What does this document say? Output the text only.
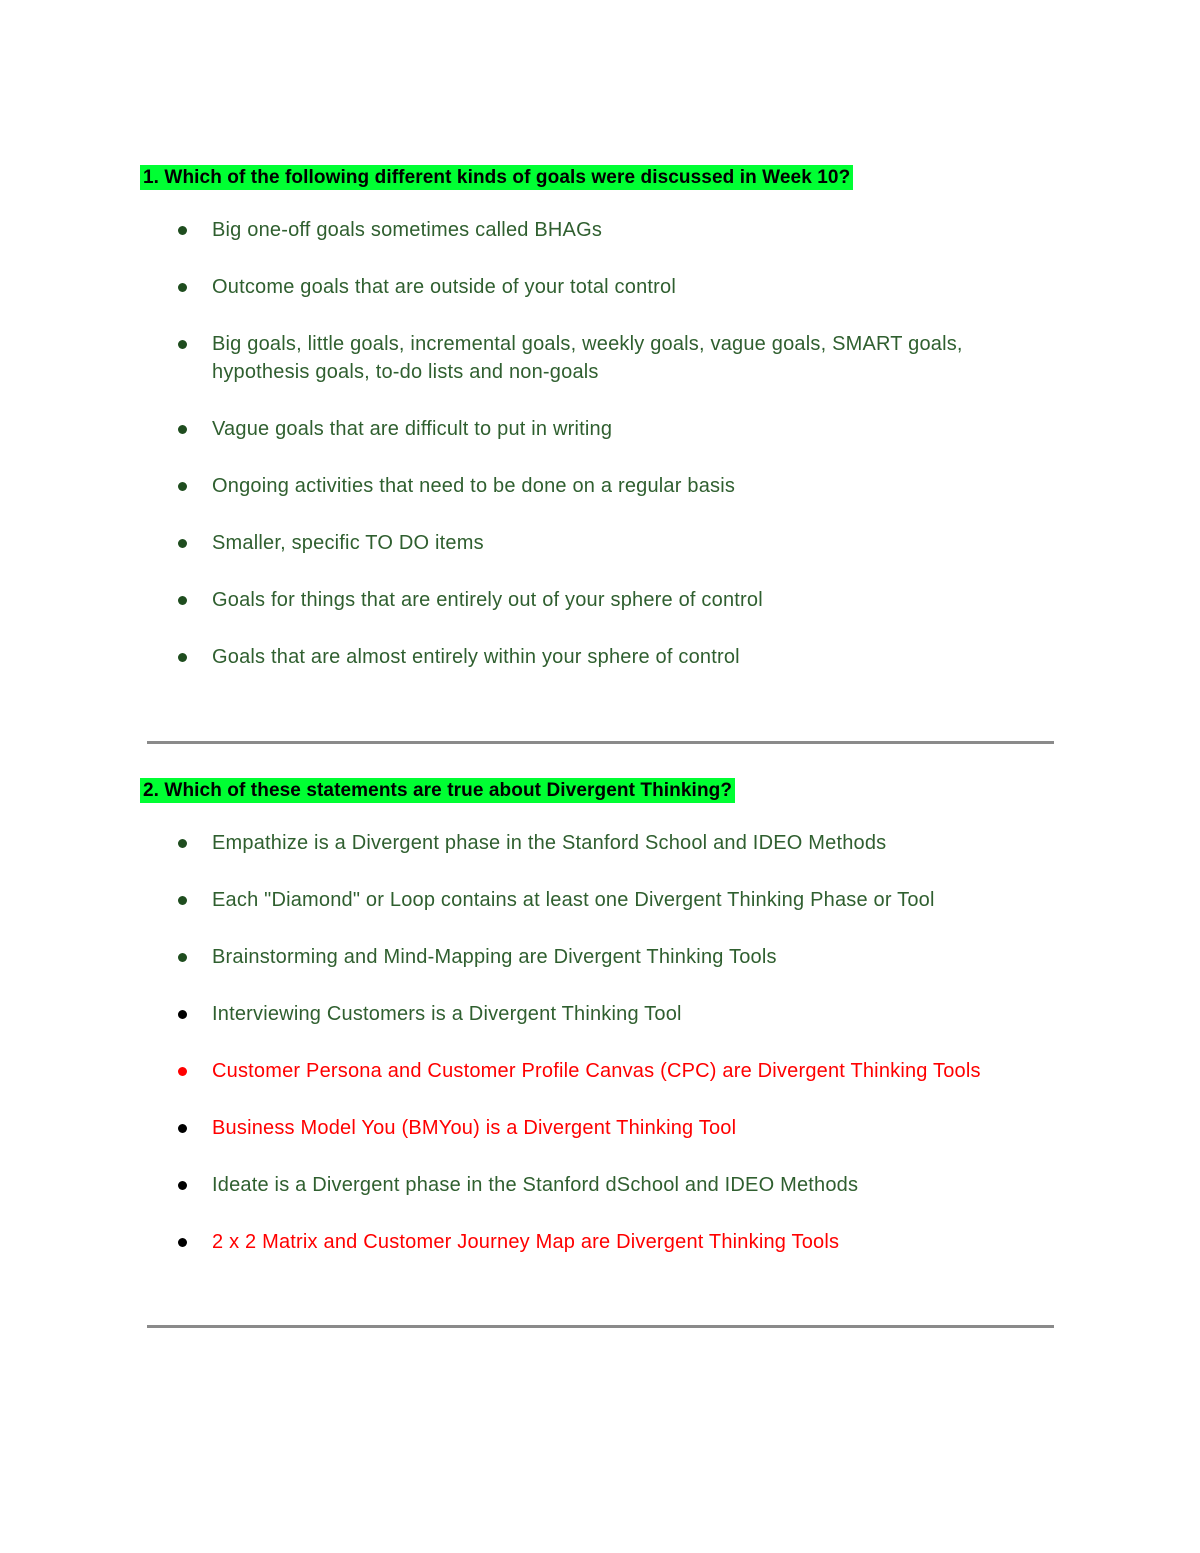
1. Which of the following different kinds of goals were discussed in Week 10?
Big one-off goals sometimes called BHAGs
Outcome goals that are outside of your total control
Big goals, little goals, incremental goals, weekly goals, vague goals, SMART goals, hypothesis goals, to-do lists and non-goals
Vague goals that are difficult to put in writing
Ongoing activities that need to be done on a regular basis
Smaller, specific TO DO items
Goals for things that are entirely out of your sphere of control
Goals that are almost entirely within your sphere of control
2. Which of these statements are true about Divergent Thinking?
Empathize is a Divergent phase in the Stanford School and IDEO Methods
Each "Diamond" or Loop contains at least one Divergent Thinking Phase or Tool
Brainstorming and Mind-Mapping are Divergent Thinking Tools
Interviewing Customers is a Divergent Thinking Tool
Customer Persona and Customer Profile Canvas (CPC) are Divergent Thinking Tools
Business Model You (BMYou) is a Divergent Thinking Tool
Ideate is a Divergent phase in the Stanford dSchool and IDEO Methods
2 x 2 Matrix and Customer Journey Map are Divergent Thinking Tools
